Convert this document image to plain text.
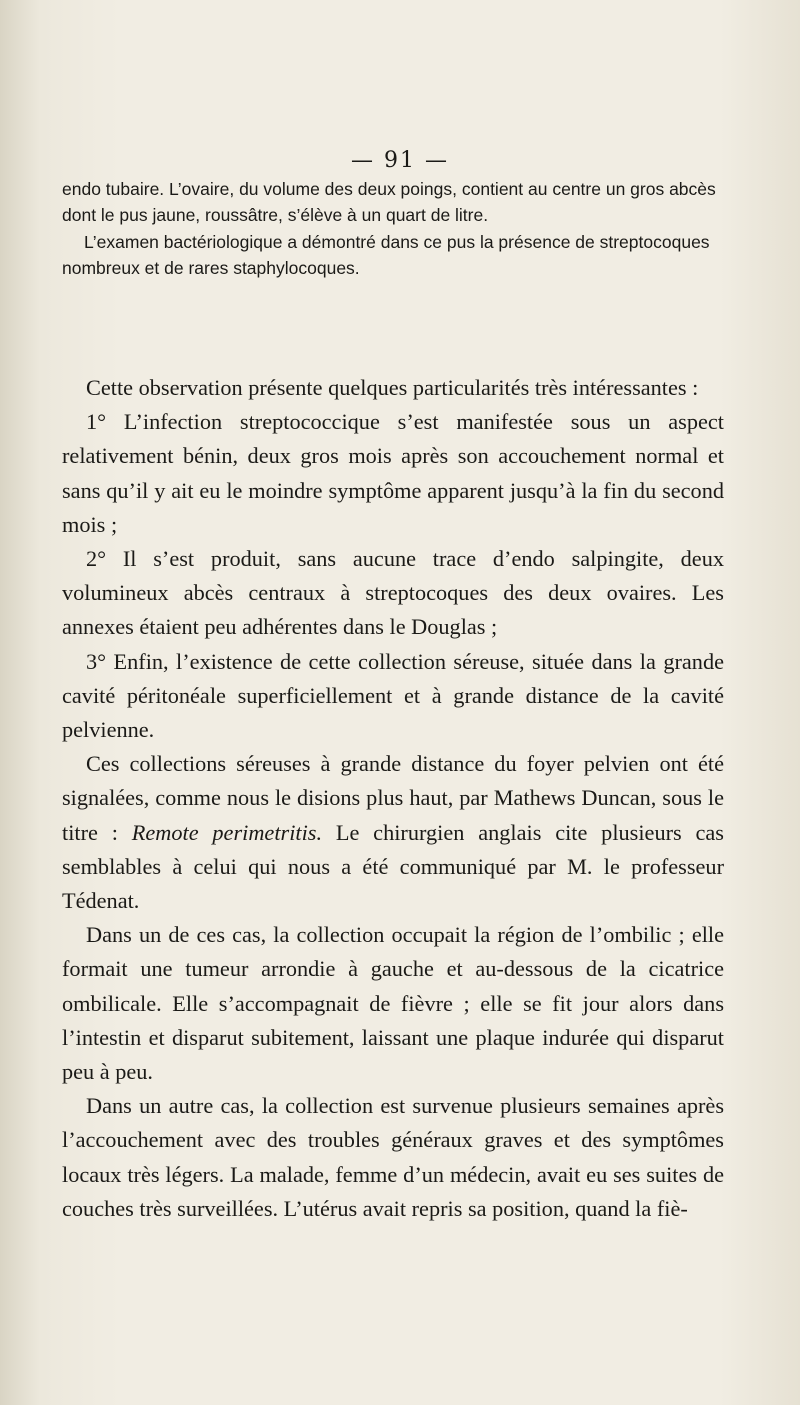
— 91 —

endo tubaire. L’ovaire, du volume des deux poings, contient au centre un gros abcès dont le pus jaune, roussâtre, s’élève à un quart de litre.

L’examen bactériologique a démontré dans ce pus la présence de streptocoques nombreux et de rares staphylocoques.

Cette observation présente quelques particularités très intéressantes :

1° L’infection streptococcique s’est manifestée sous un aspect relativement bénin, deux gros mois après son accouchement normal et sans qu’il y ait eu le moindre symptôme apparent jusqu’à la fin du second mois ;

2° Il s’est produit, sans aucune trace d’endo salpingite, deux volumineux abcès centraux à streptocoques des deux ovaires. Les annexes étaient peu adhérentes dans le Douglas ;

3° Enfin, l’existence de cette collection séreuse, située dans la grande cavité péritonéale superficiellement et à grande distance de la cavité pelvienne.

Ces collections séreuses à grande distance du foyer pelvien ont été signalées, comme nous le disions plus haut, par Mathews Duncan, sous le titre : Remote perimetritis. Le chirurgien anglais cite plusieurs cas semblables à celui qui nous a été communiqué par M. le professeur Tédenat.

Dans un de ces cas, la collection occupait la région de l’ombilic ; elle formait une tumeur arrondie à gauche et au-dessous de la cicatrice ombilicale. Elle s’accompagnait de fièvre ; elle se fit jour alors dans l’intestin et disparut subitement, laissant une plaque indurée qui disparut peu à peu.

Dans un autre cas, la collection est survenue plusieurs semaines après l’accouchement avec des troubles généraux graves et des symptômes locaux très légers. La malade, femme d’un médecin, avait eu ses suites de couches très surveillées. L’utérus avait repris sa position, quand la fiè-
